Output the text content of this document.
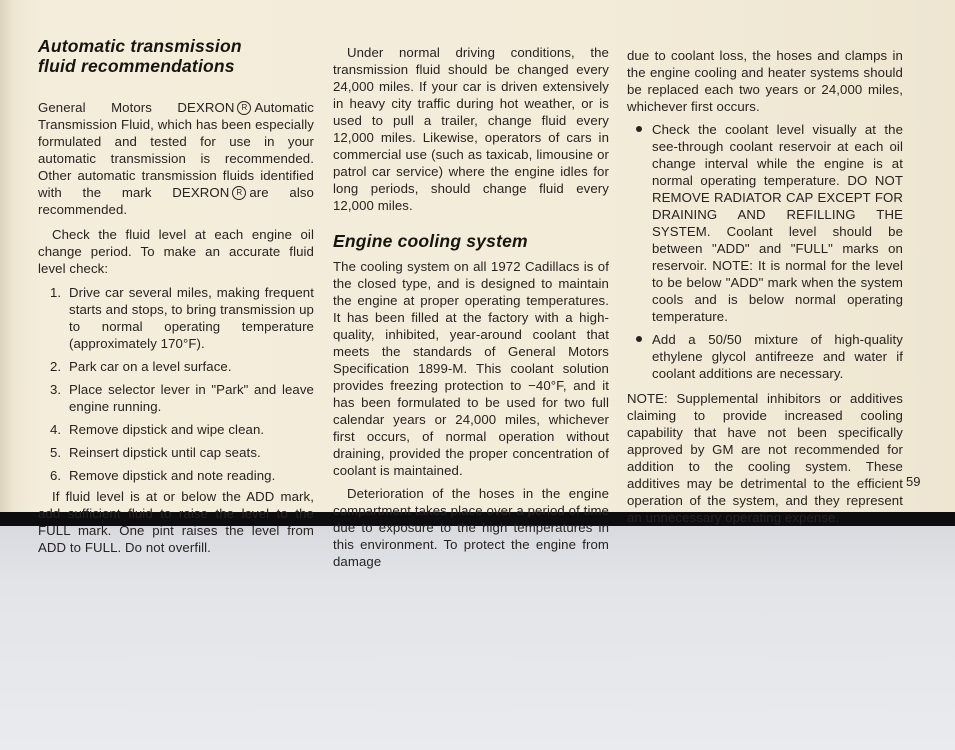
Automatic transmission fluid recommendations

General Motors DEXRON R Automatic Transmission Fluid, which has been especially formulated and tested for use in your automatic transmission is recommended. Other automatic transmission fluids identified with the mark DEXRON R are also recommended.

Check the fluid level at each engine oil change period. To make an accurate fluid level check:

1. Drive car several miles, making frequent starts and stops, to bring transmission up to normal operating temperature (approximately 170°F).
2. Park car on a level surface.
3. Place selector lever in "Park" and leave engine running.
4. Remove dipstick and wipe clean.
5. Reinsert dipstick until cap seats.
6. Remove dipstick and note reading.

If fluid level is at or below the ADD mark, add sufficient fluid to raise the level to the FULL mark. One pint raises the level from ADD to FULL. Do not overfill.

Under normal driving conditions, the transmission fluid should be changed every 24,000 miles. If your car is driven extensively in heavy city traffic during hot weather, or is used to pull a trailer, change fluid every 12,000 miles. Likewise, operators of cars in commercial use (such as taxicab, limousine or patrol car service) where the engine idles for long periods, should change fluid every 12,000 miles.

Engine cooling system

The cooling system on all 1972 Cadillacs is of the closed type, and is designed to maintain the engine at proper operating temperatures. It has been filled at the factory with a high-quality, inhibited, year-around coolant that meets the standards of General Motors Specification 1899-M. This coolant solution provides freezing protection to −40°F, and it has been formulated to be used for two full calendar years or 24,000 miles, whichever first occurs, of normal operation without draining, provided the proper concentration of coolant is maintained.

Deterioration of the hoses in the engine compartment takes place over a period of time due to exposure to the high temperatures in this environment. To protect the engine from damage

due to coolant loss, the hoses and clamps in the engine cooling and heater systems should be replaced each two years or 24,000 miles, whichever first occurs.

Check the coolant level visually at the see-through coolant reservoir at each oil change interval while the engine is at normal operating temperature. DO NOT REMOVE RADIATOR CAP EXCEPT FOR DRAINING AND REFILLING THE SYSTEM. Coolant level should be between "ADD" and "FULL" marks on reservoir. NOTE: It is normal for the level to be below "ADD" mark when the system cools and is below normal operating temperature.
Add a 50/50 mixture of high-quality ethylene glycol antifreeze and water if coolant additions are necessary.

NOTE: Supplemental inhibitors or additives claiming to provide increased cooling capability that have not been specifically approved by GM are not recommended for addition to the cooling system. These additives may be detrimental to the efficient operation of the system, and they represent an unnecessary operating expense.

59
